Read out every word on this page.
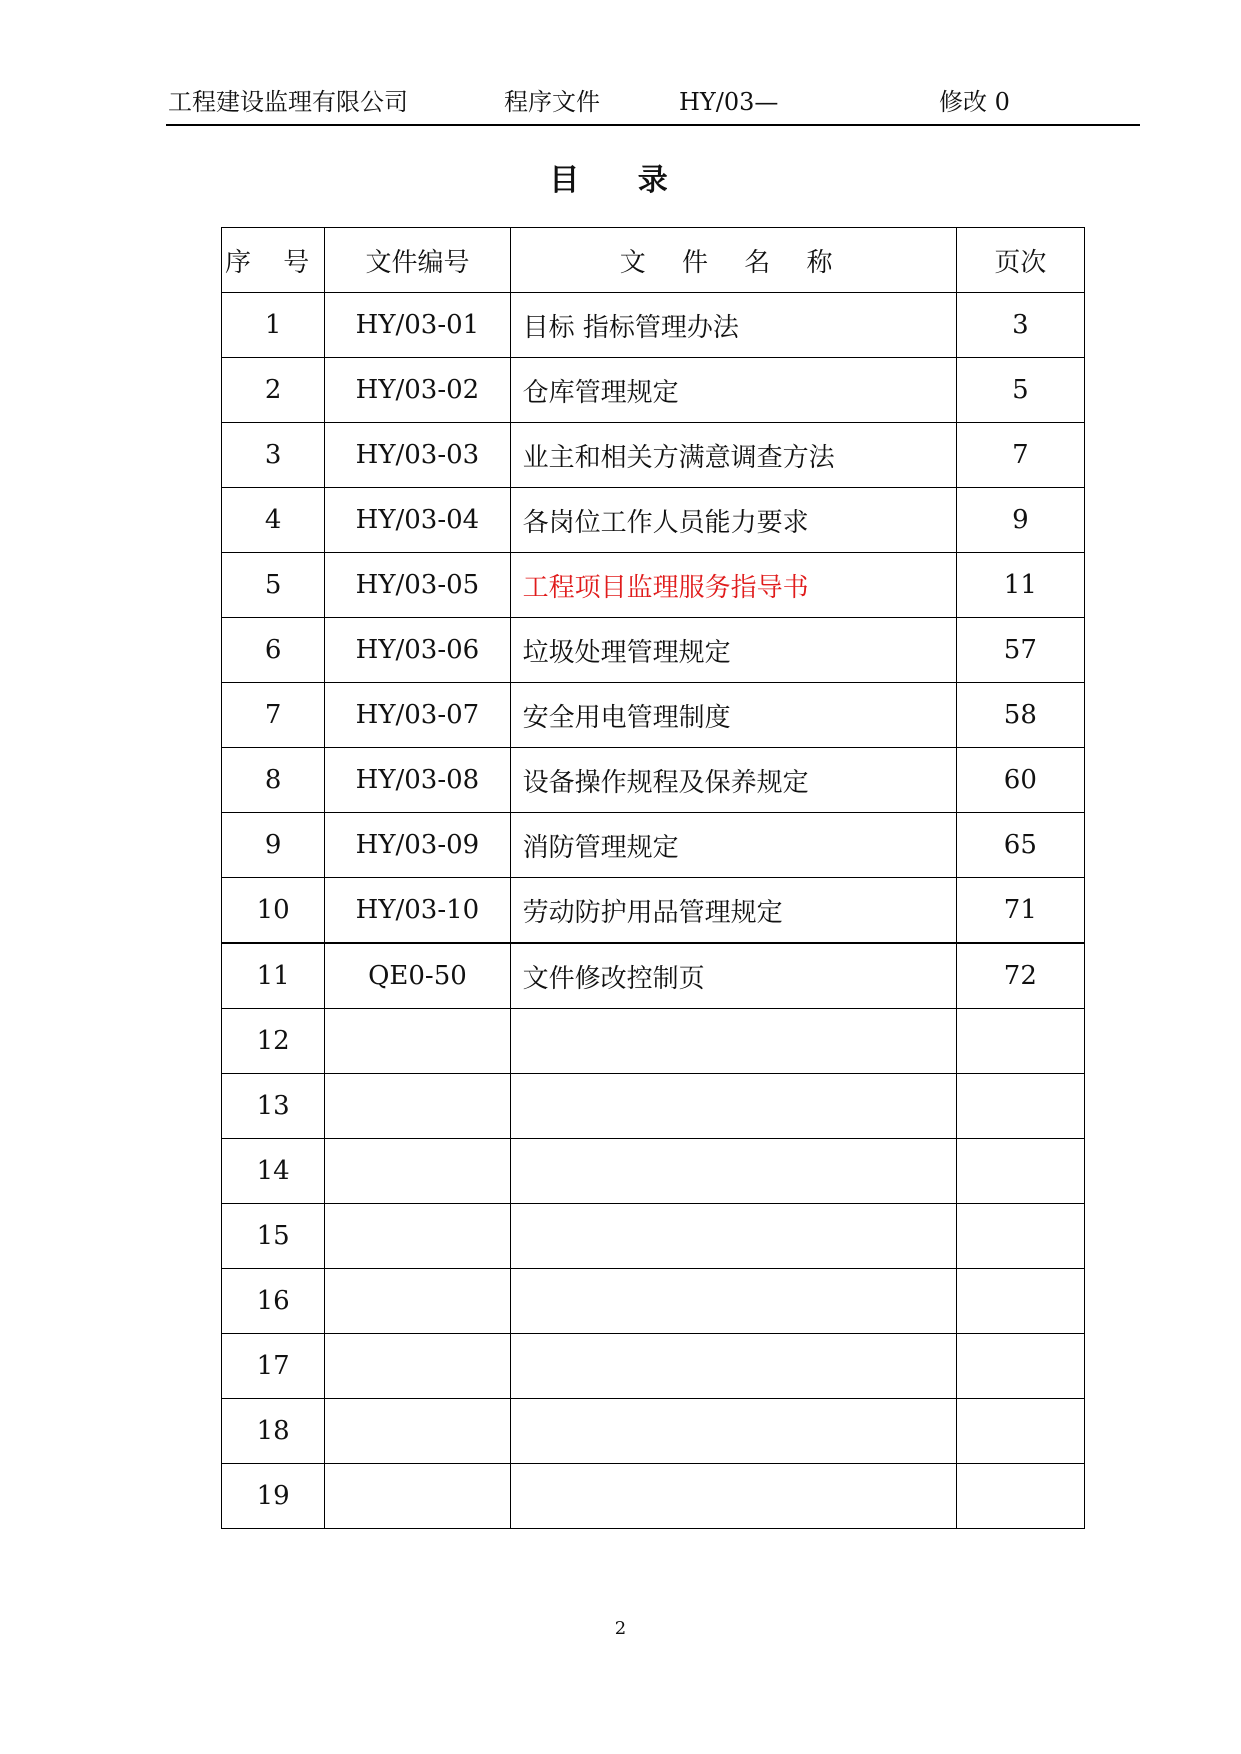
工程建设监理有限公司	程序文件	HY/03—	修改 0
目 录
序 号	文件编号	文 件 名 称	页次
1	HY/03-01	目标 指标管理办法	3
2	HY/03-02	仓库管理规定	5
3	HY/03-03	业主和相关方满意调查方法	7
4	HY/03-04	各岗位工作人员能力要求	9
5	HY/03-05	工程项目监理服务指导书	11
6	HY/03-06	垃圾处理管理规定	57
7	HY/03-07	安全用电管理制度	58
8	HY/03-08	设备操作规程及保养规定	60
9	HY/03-09	消防管理规定	65
10	HY/03-10	劳动防护用品管理规定	71
11	QE0-50	文件修改控制页	72
12			
13			
14			
15			
16			
17			
18			
19			
2
